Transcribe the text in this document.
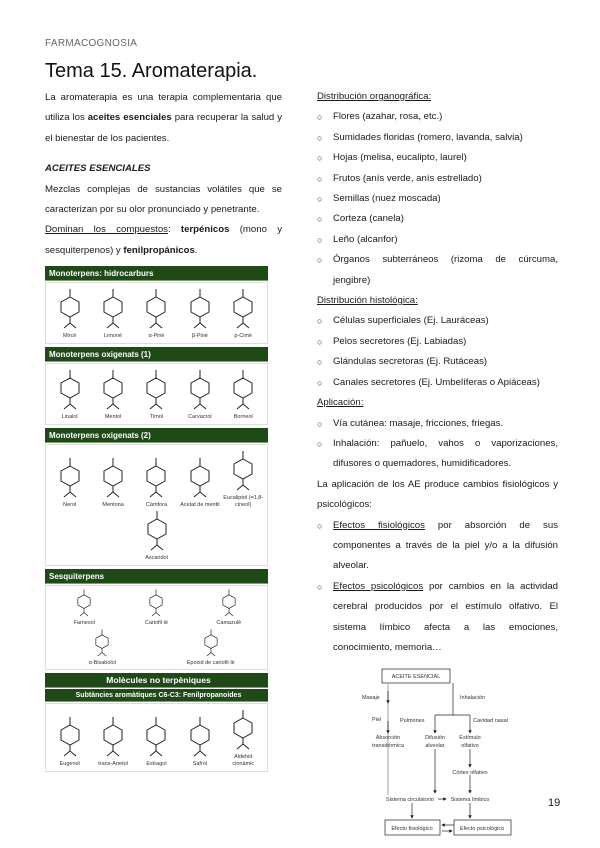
FARMACOGNOSIA
Tema 15. Aromaterapia.

La aromaterapia es una terapia complementaria que utiliza los aceites esenciales para recuperar la salud y el bienestar de los pacientes.

ACEITES ESENCIALES

Mezclas complejas de sustancias volátiles que se caracterizan por su olor pronunciado y penetrante.

Dominan los compuestos: terpénicos (mono y sesquiterpenos) y fenilpropánicos.

Monoterpens: hidrocarburs
Mircè	Limonè	α-Pinè	β-Pinè	p-Cimè
Monoterpens oxigenats (1)
Linalol	Mentol	Timol	Carvacrol	Borneol
Monoterpens oxigenats (2)
Nerol	Mentona	Càmfora Acetat de mentil
Eucaliptol (=1,8-cineol)
Ascaridol
Sesquiterpens
Farnesol	Cariofil·lè	Camazulè
α-Bisabolol	Epoxid de cariofil·lè
Molècules no terpèniques
Subtàncies aromàtiques C6-C3: Fenilpropanoides
Eugenol	trans-Anetol	Estragol	Safrol
Aldehid cinnàmic

Distribución organográfica:

○ Flores (azahar, rosa, etc.)
○ Sumidades floridas (romero, lavanda, salvia)
○ Hojas (melisa, eucalipto, laurel)
○ Frutos (anís verde, anís estrellado)
○ Semillas (nuez moscada)
○ Corteza (canela)
○ Leño (alcanfor)
○ Órganos subterráneos (rizoma de cúrcuma, jengibre)

Distribución histológica:

○ Células superficiales (Ej. Lauráceas)
○ Pelos secretores (Ej. Labiadas)
○ Glándulas secretoras (Ej. Rutáceas)
○ Canales secretores (Ej. Umbelíferas o Apiáceas)

Aplicación:

○ Vía cutánea: masaje, fricciones, friegas.
○ Inhalación: pañuelo, vahos o vaporizaciones, difusores o quemadores, humidificadores.

La aplicación de los AE produce cambios fisiológicos y psicológicos:

○ Efectos fisiológicos por absorción de sus componentes a través de la piel y/o a la difusión alveolar.
○ Efectos psicológicos por cambios en la actividad cerebral producidos por el estímulo olfativo. El sistema límbico afecta a las emociones, conocimiento, memoria…
ACEITE ESENCIAL
Masaje	Inhalación
Piel	Pulmones	Cavidad nasal
Absorción
transdérmica
Difusión
alveolar
Estímulo
olfativo
Córtex olfativo
Sistema circulatorio	Sistema límbico
Efecto fisiológico	Efecto psicológico
19
